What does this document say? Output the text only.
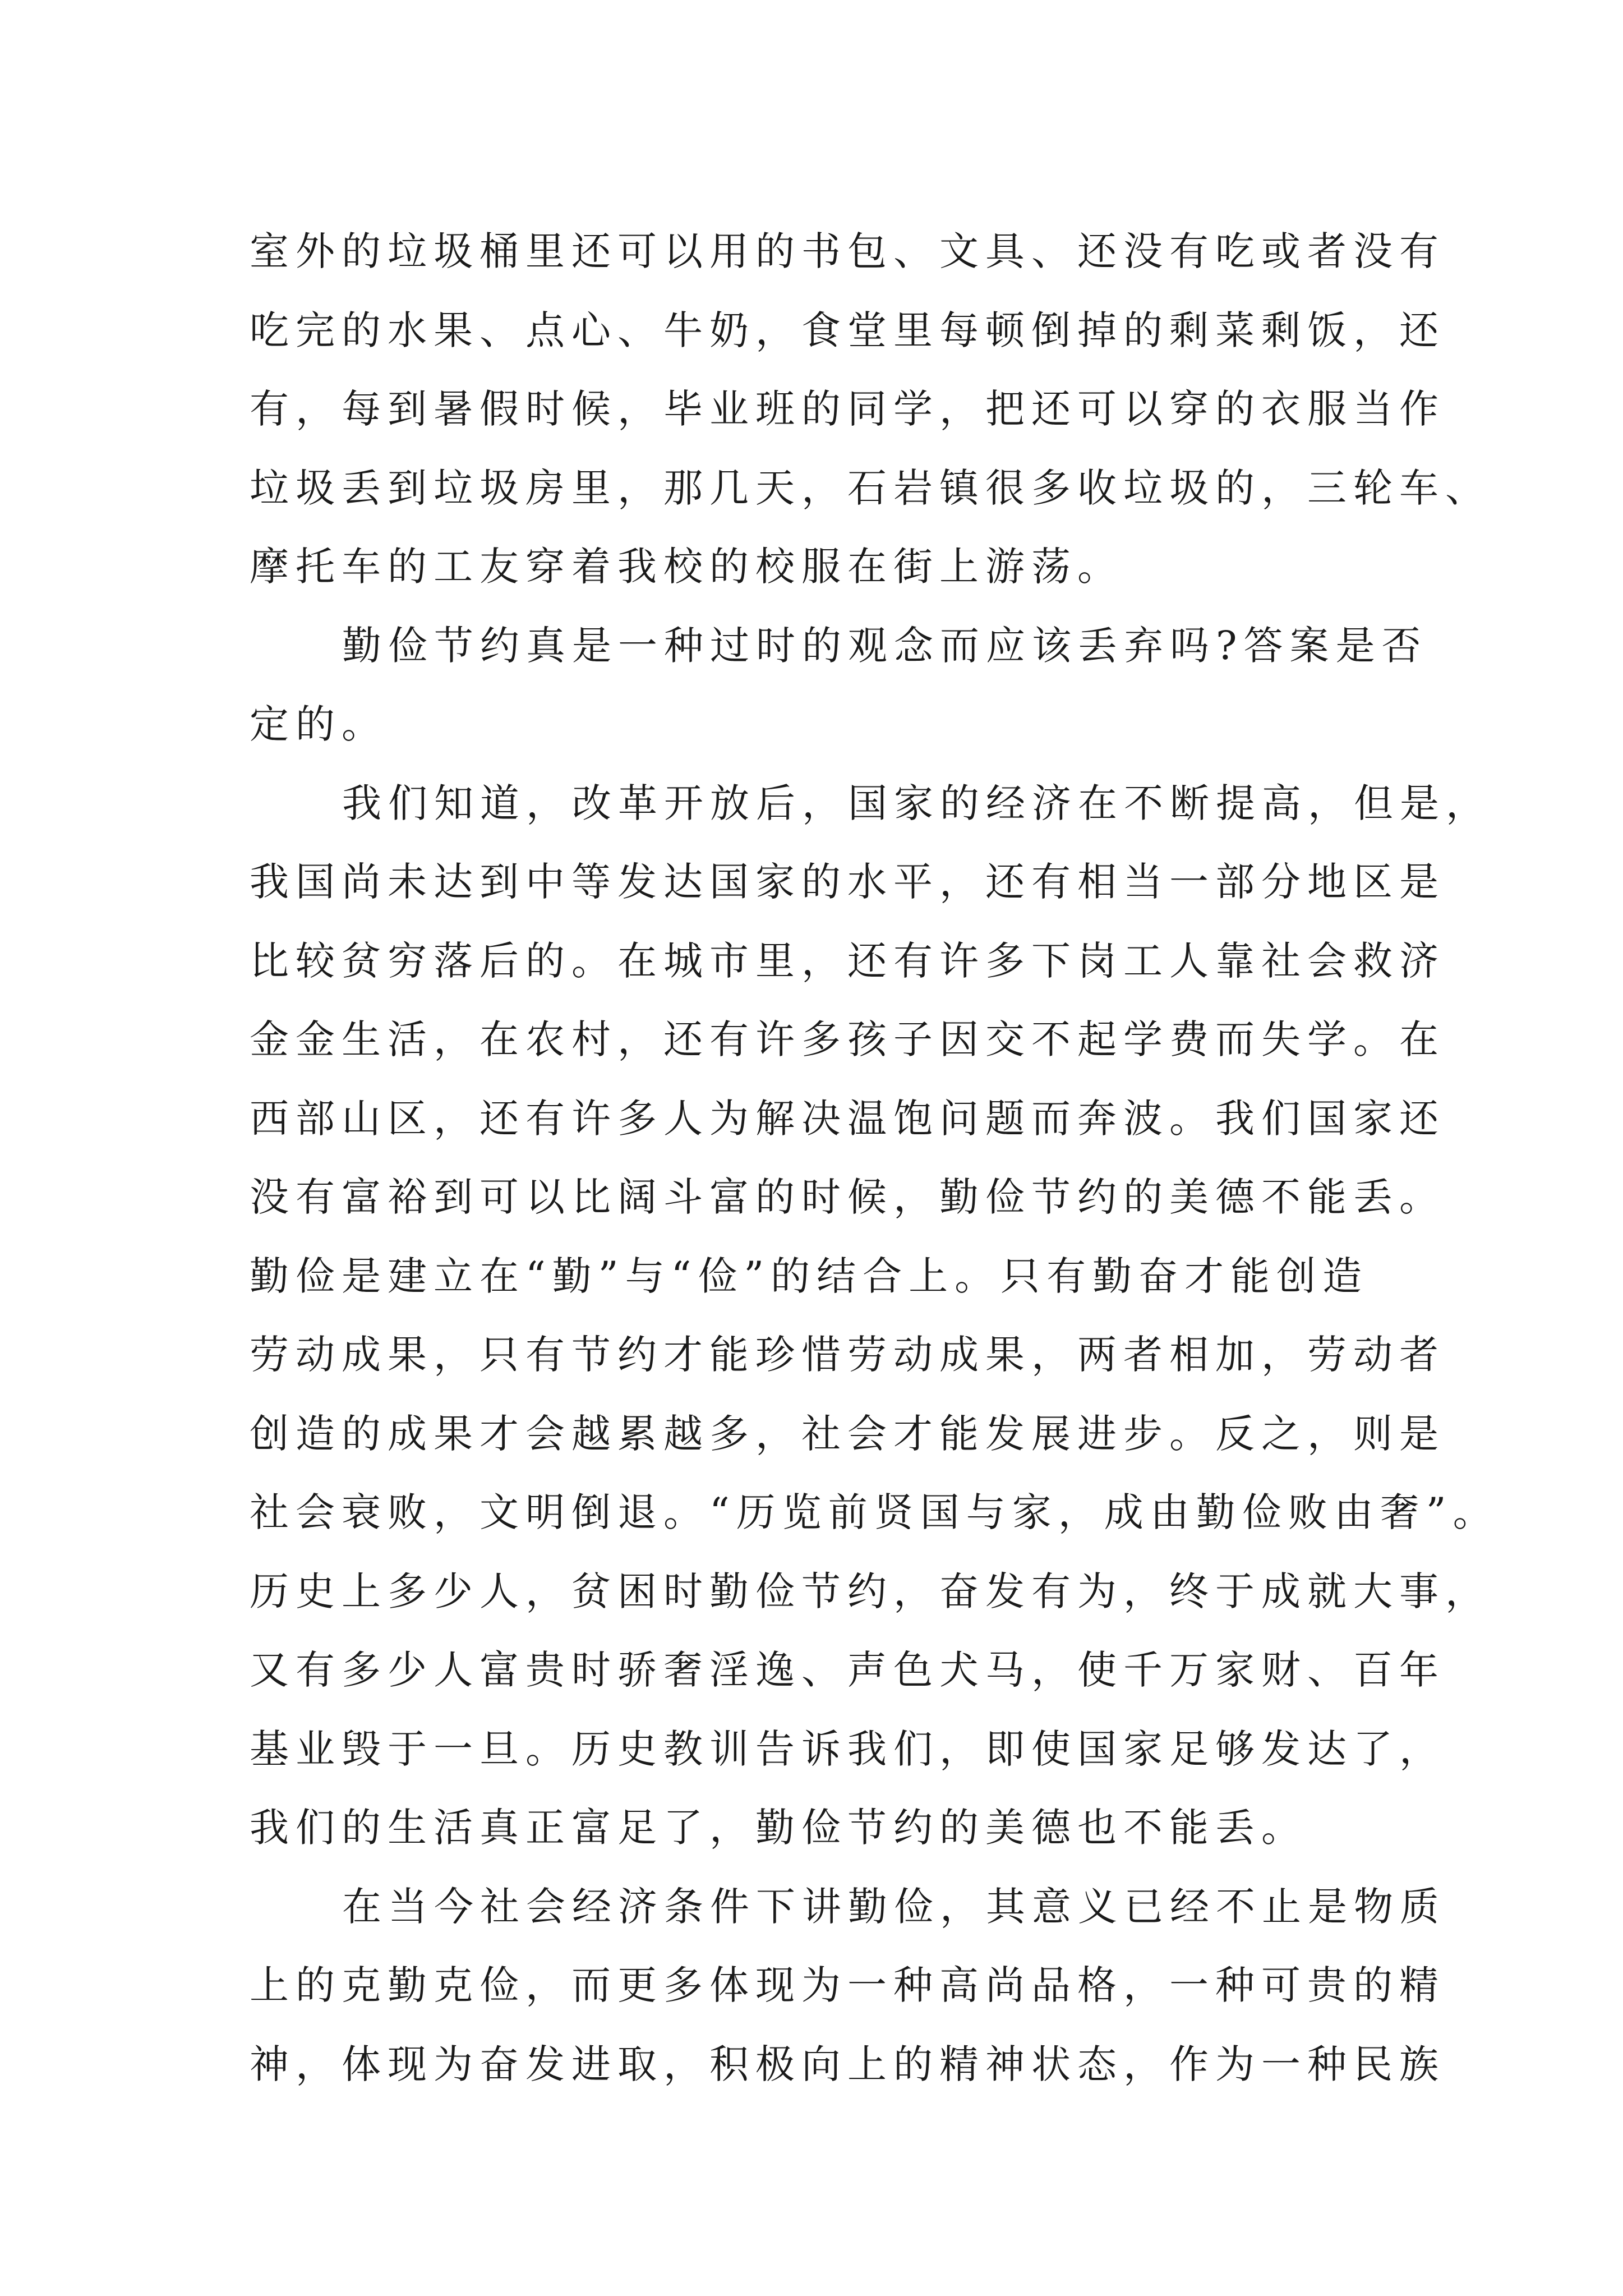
室外的垃圾桶里还可以用的书包、文具、还没有吃或者没有
吃完的水果、点心、牛奶，食堂里每顿倒掉的剩菜剩饭，还
有，每到暑假时候，毕业班的同学，把还可以穿的衣服当作
垃圾丢到垃圾房里，那几天，石岩镇很多收垃圾的，三轮车、
摩托车的工友穿着我校的校服在街上游荡。
勤俭节约真是一种过时的观念而应该丢弃吗?答案是否
定的。
我们知道，改革开放后，国家的经济在不断提高，但是，
我国尚未达到中等发达国家的水平，还有相当一部分地区是
比较贫穷落后的。在城市里，还有许多下岗工人靠社会救济
金金生活，在农村，还有许多孩子因交不起学费而失学。在
西部山区，还有许多人为解决温饱问题而奔波。我们国家还
没有富裕到可以比阔斗富的时候，勤俭节约的美德不能丢。
勤俭是建立在“勤”与“俭”的结合上。只有勤奋才能创造
劳动成果，只有节约才能珍惜劳动成果，两者相加，劳动者
创造的成果才会越累越多，社会才能发展进步。反之，则是
社会衰败，文明倒退。“历览前贤国与家，成由勤俭败由奢”。
历史上多少人，贫困时勤俭节约，奋发有为，终于成就大事，
又有多少人富贵时骄奢淫逸、声色犬马，使千万家财、百年
基业毁于一旦。历史教训告诉我们，即使国家足够发达了，
我们的生活真正富足了，勤俭节约的美德也不能丢。
在当今社会经济条件下讲勤俭，其意义已经不止是物质
上的克勤克俭，而更多体现为一种高尚品格，一种可贵的精
神，体现为奋发进取，积极向上的精神状态，作为一种民族
